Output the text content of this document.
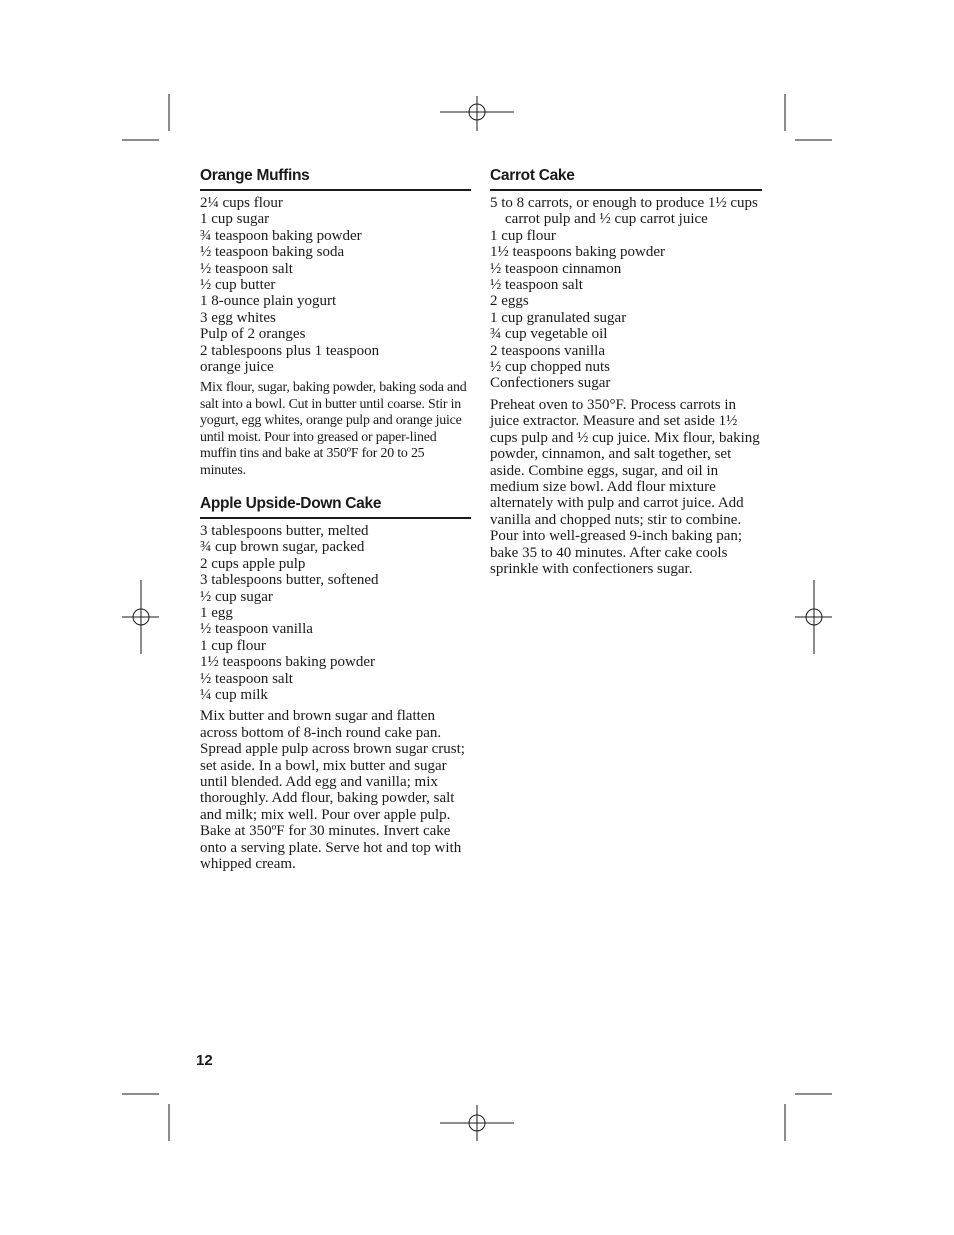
Orange Muffins
2¼ cups flour
1 cup sugar
¾ teaspoon baking powder
½ teaspoon baking soda
½ teaspoon salt
½ cup butter
1 8-ounce plain yogurt
3 egg whites
Pulp of 2 oranges
2 tablespoons plus 1 teaspoon
orange juice

Mix flour, sugar, baking powder, baking soda and salt into a bowl. Cut in butter until coarse. Stir in yogurt, egg whites, orange pulp and orange juice until moist. Pour into greased or paper-lined muffin tins and bake at 350ºF for 20 to 25 minutes.

Apple Upside-Down Cake
3 tablespoons butter, melted
¾ cup brown sugar, packed
2 cups apple pulp
3 tablespoons butter, softened
½ cup sugar
1 egg
½ teaspoon vanilla
1 cup flour
1½ teaspoons baking powder
½ teaspoon salt
¼ cup milk

Mix butter and brown sugar and flatten across bottom of 8-inch round cake pan. Spread apple pulp across brown sugar crust; set aside. In a bowl, mix butter and sugar until blended. Add egg and vanilla; mix thoroughly. Add flour, baking powder, salt and milk; mix well. Pour over apple pulp. Bake at 350ºF for 30 minutes. Invert cake onto a serving plate. Serve hot and top with whipped cream.

Carrot Cake
5 to 8 carrots, or enough to produce 1½ cups carrot pulp and ½ cup carrot juice
1 cup flour
1½ teaspoons baking powder
½ teaspoon cinnamon
½ teaspoon salt
2 eggs
1 cup granulated sugar
¾ cup vegetable oil
2 teaspoons vanilla
½ cup chopped nuts
Confectioners sugar

Preheat oven to 350°F. Process carrots in juice extractor. Measure and set aside 1½ cups pulp and ½ cup juice. Mix flour, baking powder, cinnamon, and salt together, set aside. Combine eggs, sugar, and oil in medium size bowl. Add flour mixture alternately with pulp and carrot juice. Add vanilla and chopped nuts; stir to combine. Pour into well-greased 9-inch baking pan; bake 35 to 40 minutes. After cake cools sprinkle with confectioners sugar.

12
